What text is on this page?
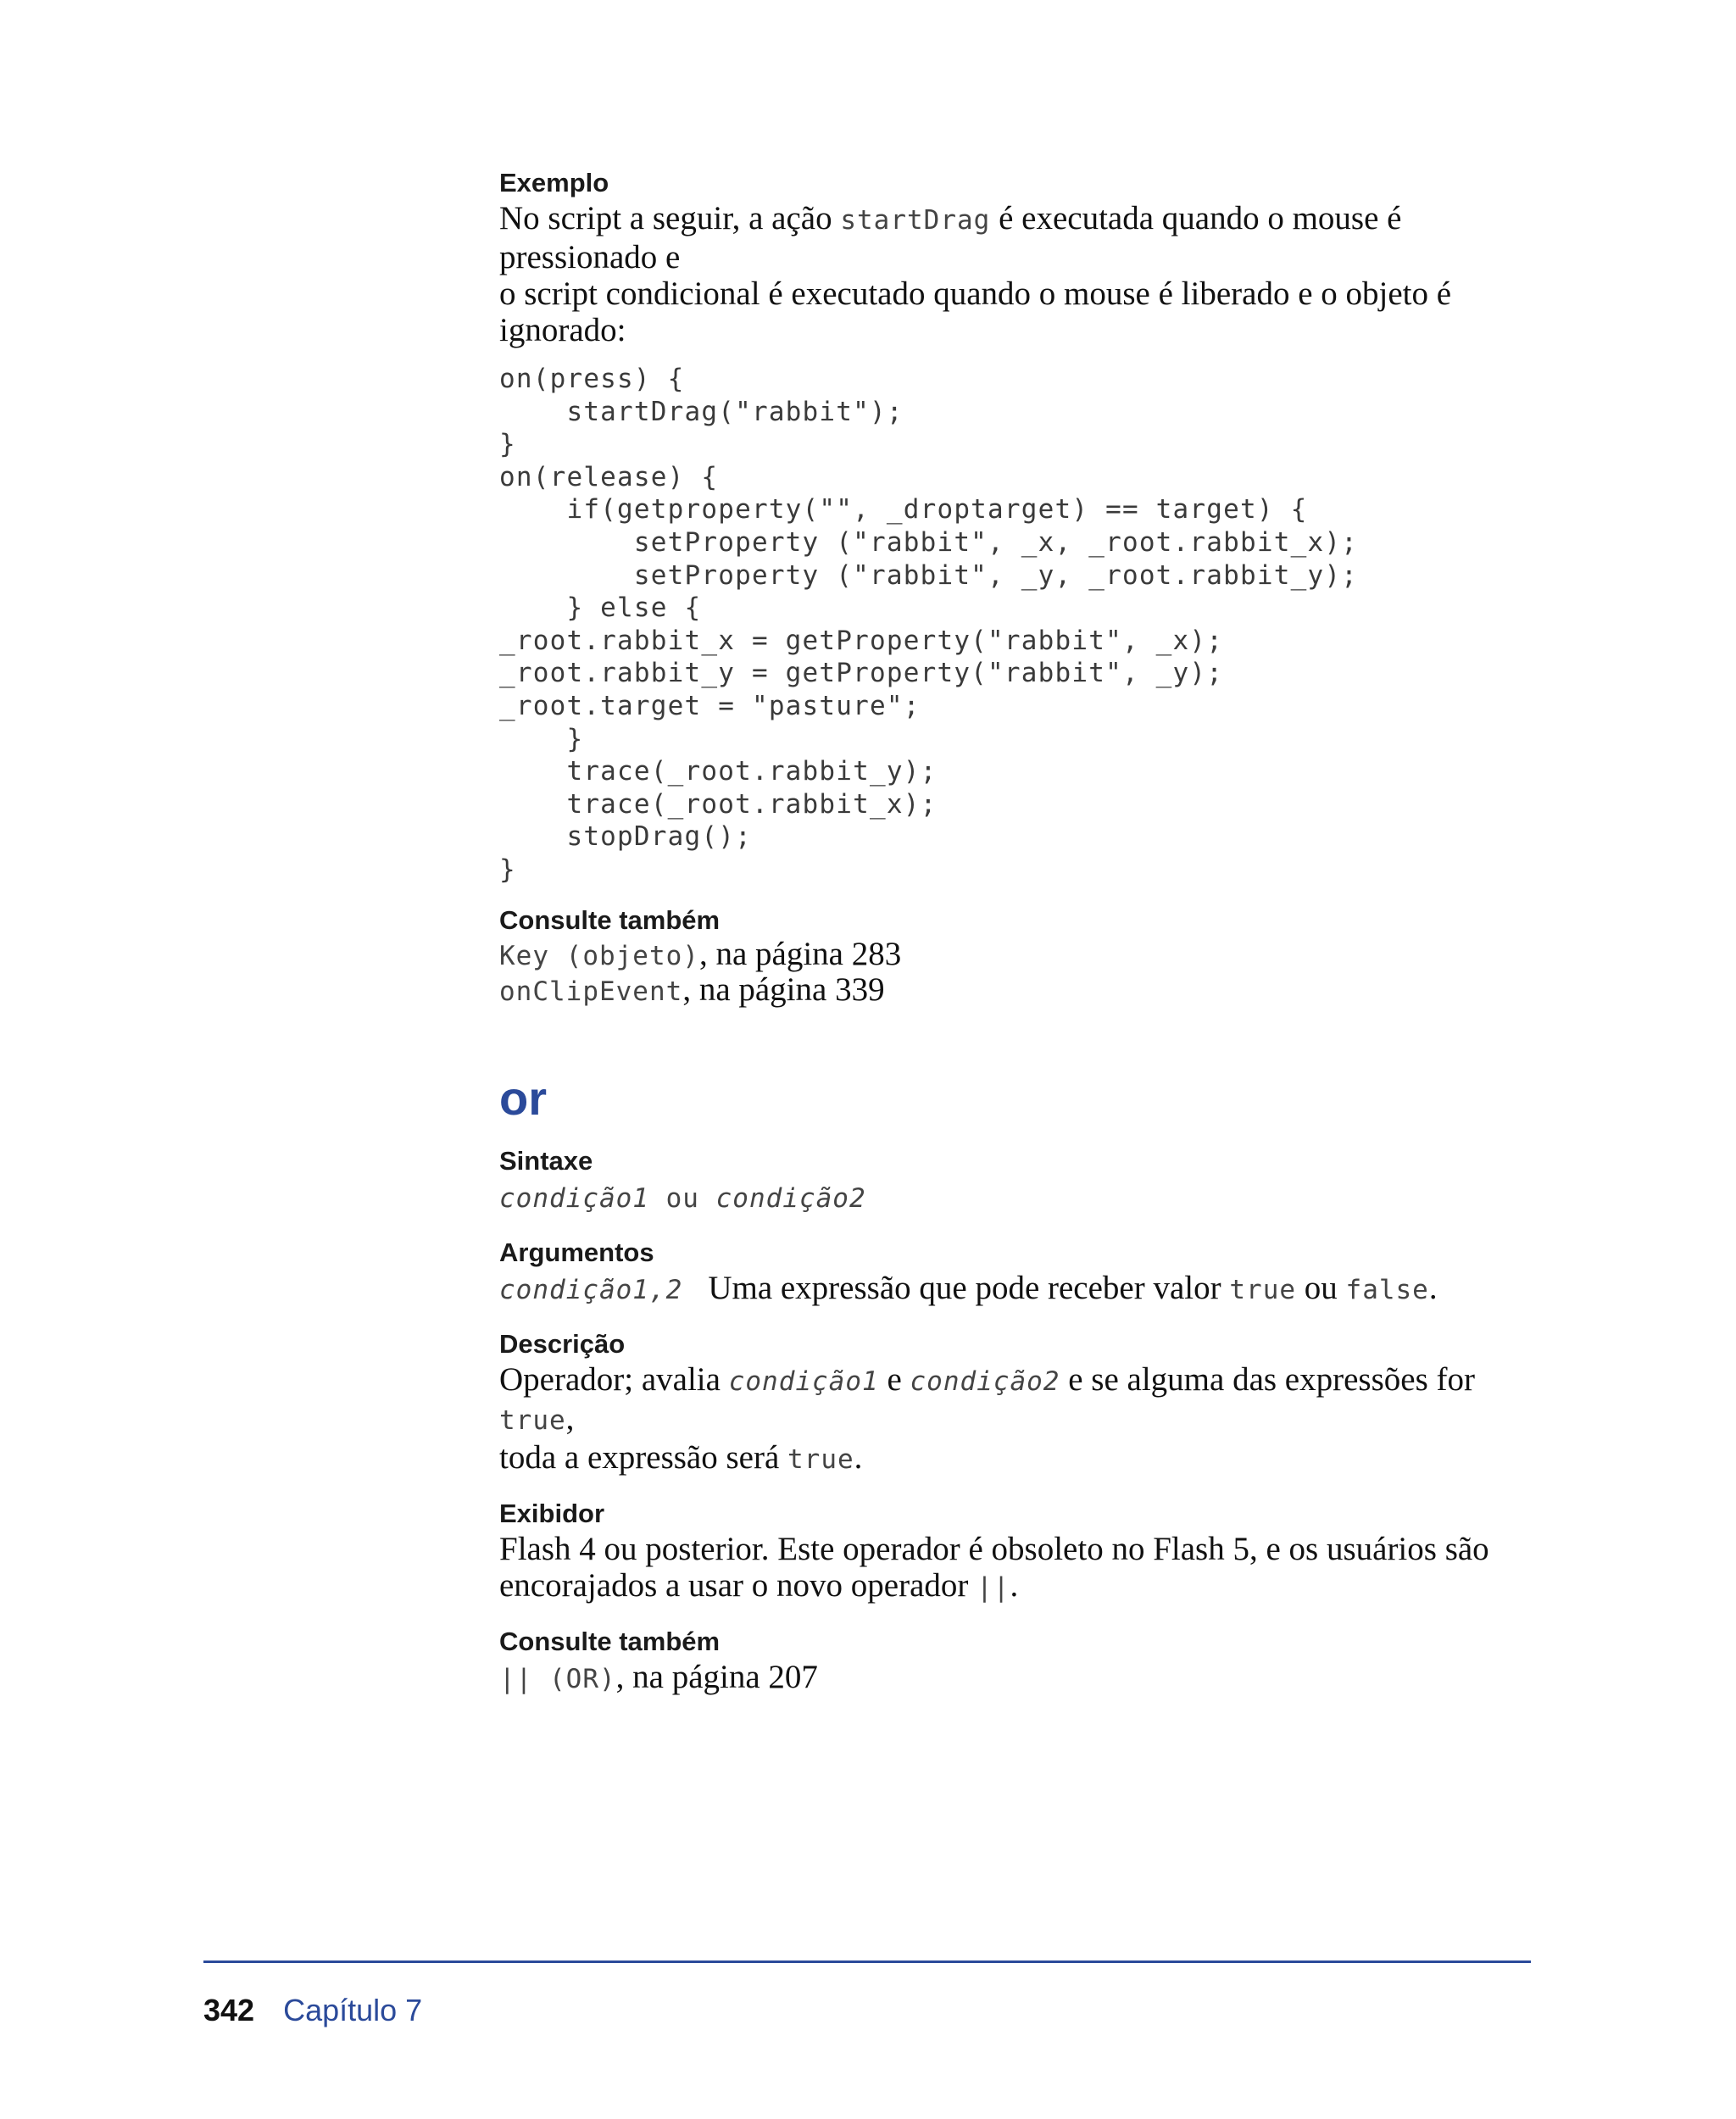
Exemplo

No script a seguir, a ação startDrag é executada quando o mouse é pressionado e
o script condicional é executado quando o mouse é liberado e o objeto é ignorado:

on(press) {
startDrag("rabbit");
}
on(release) {
if(getproperty("", _droptarget) == target) {
setProperty ("rabbit", _x, _root.rabbit_x);
setProperty ("rabbit", _y, _root.rabbit_y);
} else {
_root.rabbit_x = getProperty("rabbit", _x);
_root.rabbit_y = getProperty("rabbit", _y);
_root.target = "pasture";
}
trace(_root.rabbit_y);
trace(_root.rabbit_x);
stopDrag();
}
Consulte também

Key (objeto), na página 283
onClipEvent, na página 339

or
Sintaxe

condição1 ou condição2

Argumentos

condição1,2 Uma expressão que pode receber valor true ou false.

Descrição

Operador; avalia condição1 e condição2 e se alguma das expressões for true,
toda a expressão será true.

Exibidor

Flash 4 ou posterior. Este operador é obsoleto no Flash 5, e os usuários são
encorajados a usar o novo operador ||.

Consulte também

|| (OR), na página 207

342 Capítulo 7
